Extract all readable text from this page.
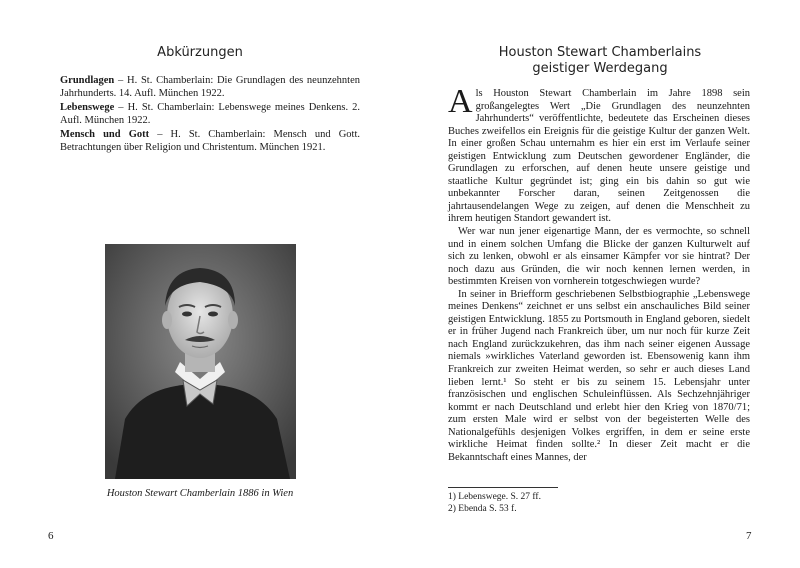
Abkürzungen

Grundlagen – H. St. Chamberlain: Die Grundlagen des neunzehnten Jahrhunderts. 14. Aufl. München 1922.

Lebenswege – H. St. Chamberlain: Lebenswege meines Denkens. 2. Aufl. München 1922.

Mensch und Gott – H. St. Chamberlain: Mensch und Gott. Betrachtungen über Religion und Christentum. München 1921.

Houston Stewart Chamberlain 1886 in Wien
6
Houston Stewart Chamberlains
geistiger Werdegang

Als Houston Stewart Chamberlain im Jahre 1898 sein großangelegtes Wert „Die Grundlagen des neunzehnten Jahrhunderts“ veröffentlichte, bedeutete das Erscheinen dieses Buches zweifellos ein Ereignis für die geistige Kultur der ganzen Welt. In einer großen Schau unternahm es hier ein erst im Verlaufe seiner geistigen Entwicklung zum Deutschen gewordener Engländer, die Grundlagen zu erforschen, auf denen heute unsere geistige und staatliche Kultur gegründet ist; ging ein bis dahin so gut wie unbekannter Forscher daran, seinen Zeitgenossen die jahrtausendelangen Wege zu zeigen, auf denen die Menschheit zu ihrem heutigen Standort gewandert ist.

Wer war nun jener eigenartige Mann, der es vermochte, so schnell und in einem solchen Umfang die Blicke der ganzen Kulturwelt auf sich zu lenken, obwohl er als einsamer Kämpfer vor sie hintrat? Der noch dazu aus Gründen, die wir noch kennen lernen werden, in bestimmten Kreisen von vornherein totgeschwiegen wurde?

In seiner in Briefform geschriebenen Selbstbiographie „Lebenswege meines Denkens“ zeichnet er uns selbst ein anschauliches Bild seiner geistigen Entwicklung. 1855 zu Portsmouth in England geboren, siedelt er in früher Jugend nach Frankreich über, um nur noch für kurze Zeit nach England zurückzukehren, das ihm nach seiner eigenen Aussage niemals »wirkliches Vaterland geworden ist. Ebensowenig kann ihm Frankreich zur zweiten Heimat werden, so sehr er auch dieses Land lieben lernt.¹ So steht er bis zu seinem 15. Lebensjahr unter französischen und englischen Schuleinflüssen. Als Sechzehnjähriger kommt er nach Deutschland und erlebt hier den Krieg von 1870/71; zum ersten Male wird er selbst von der begeisterten Welle des Nationalgefühls desjenigen Volkes ergriffen, in dem er seine erste wirkliche Heimat finden sollte.² In dieser Zeit macht er die Bekanntschaft eines Mannes, der

1) Lebenswege. S. 27 ff.
2) Ebenda S. 53 f.
7
